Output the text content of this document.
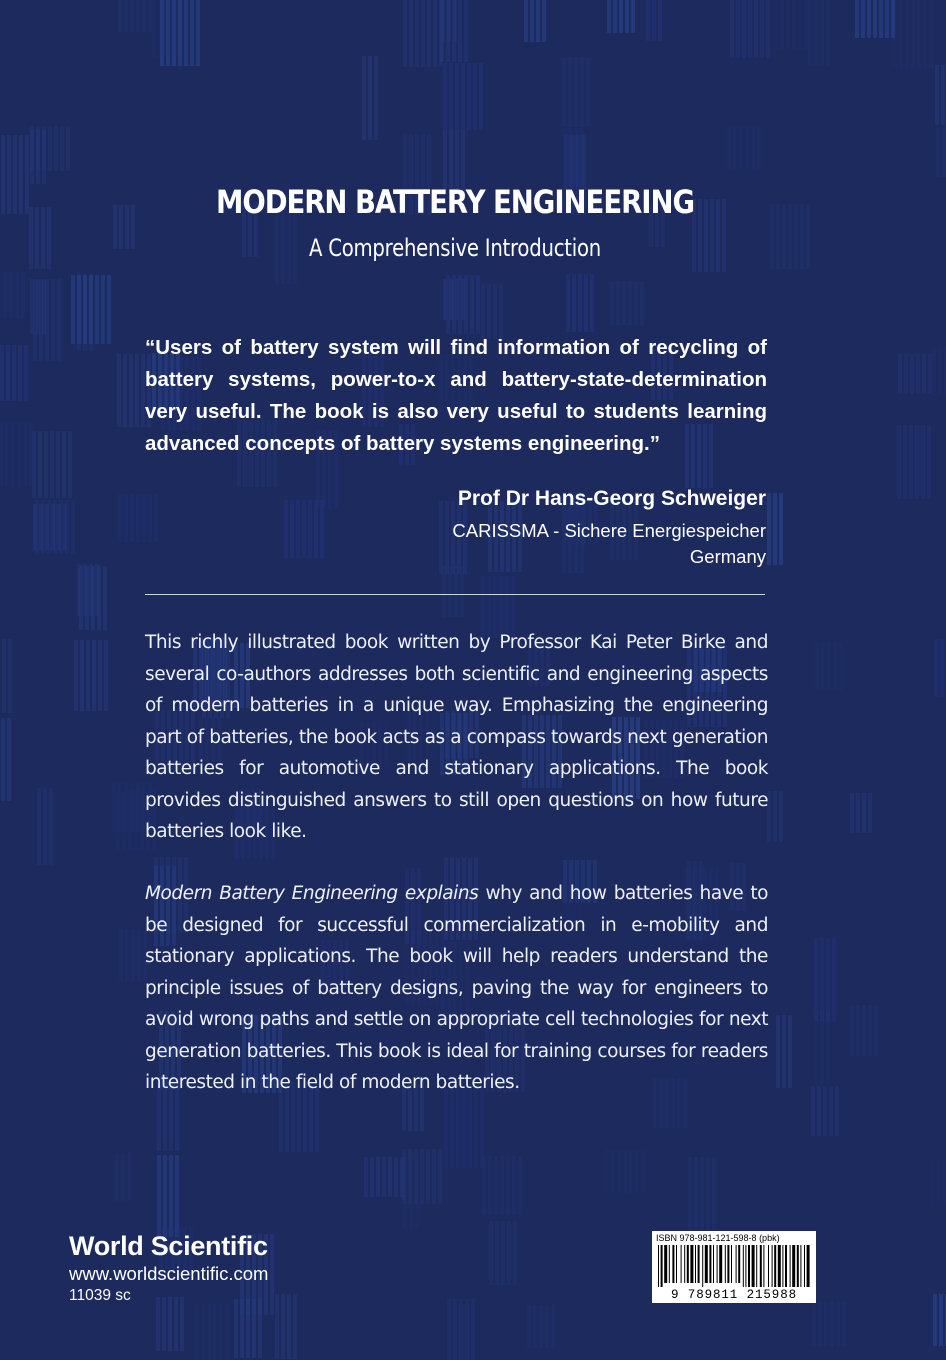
MODERN BATTERY ENGINEERING
A Comprehensive Introduction
“Users of battery system will find information of recycling of battery systems, power-to-x and battery-state-determination very useful. The book is also very useful to students learning advanced concepts of battery systems engineering.”
Prof Dr Hans-Georg Schweiger
CARISSMA - Sichere Energiespeicher
Germany
This richly illustrated book written by Professor Kai Peter Birke and several co-authors addresses both scientific and engineering aspects of modern batteries in a unique way. Emphasizing the engineering part of batteries, the book acts as a compass towards next generation batteries for automotive and stationary applications. The book provides distinguished answers to still open questions on how future batteries look like.
Modern Battery Engineering explains why and how batteries have to be designed for successful commercialization in e-mobility and stationary applications. The book will help readers understand the principle issues of battery designs, paving the way for engineers to avoid wrong paths and settle on appropriate cell technologies for next generation batteries. This book is ideal for training courses for readers interested in the field of modern batteries.
World Scientific
www.worldscientific.com
11039 sc
ISBN 978-981-121-598-8 (pbk)
9 789811 215988
